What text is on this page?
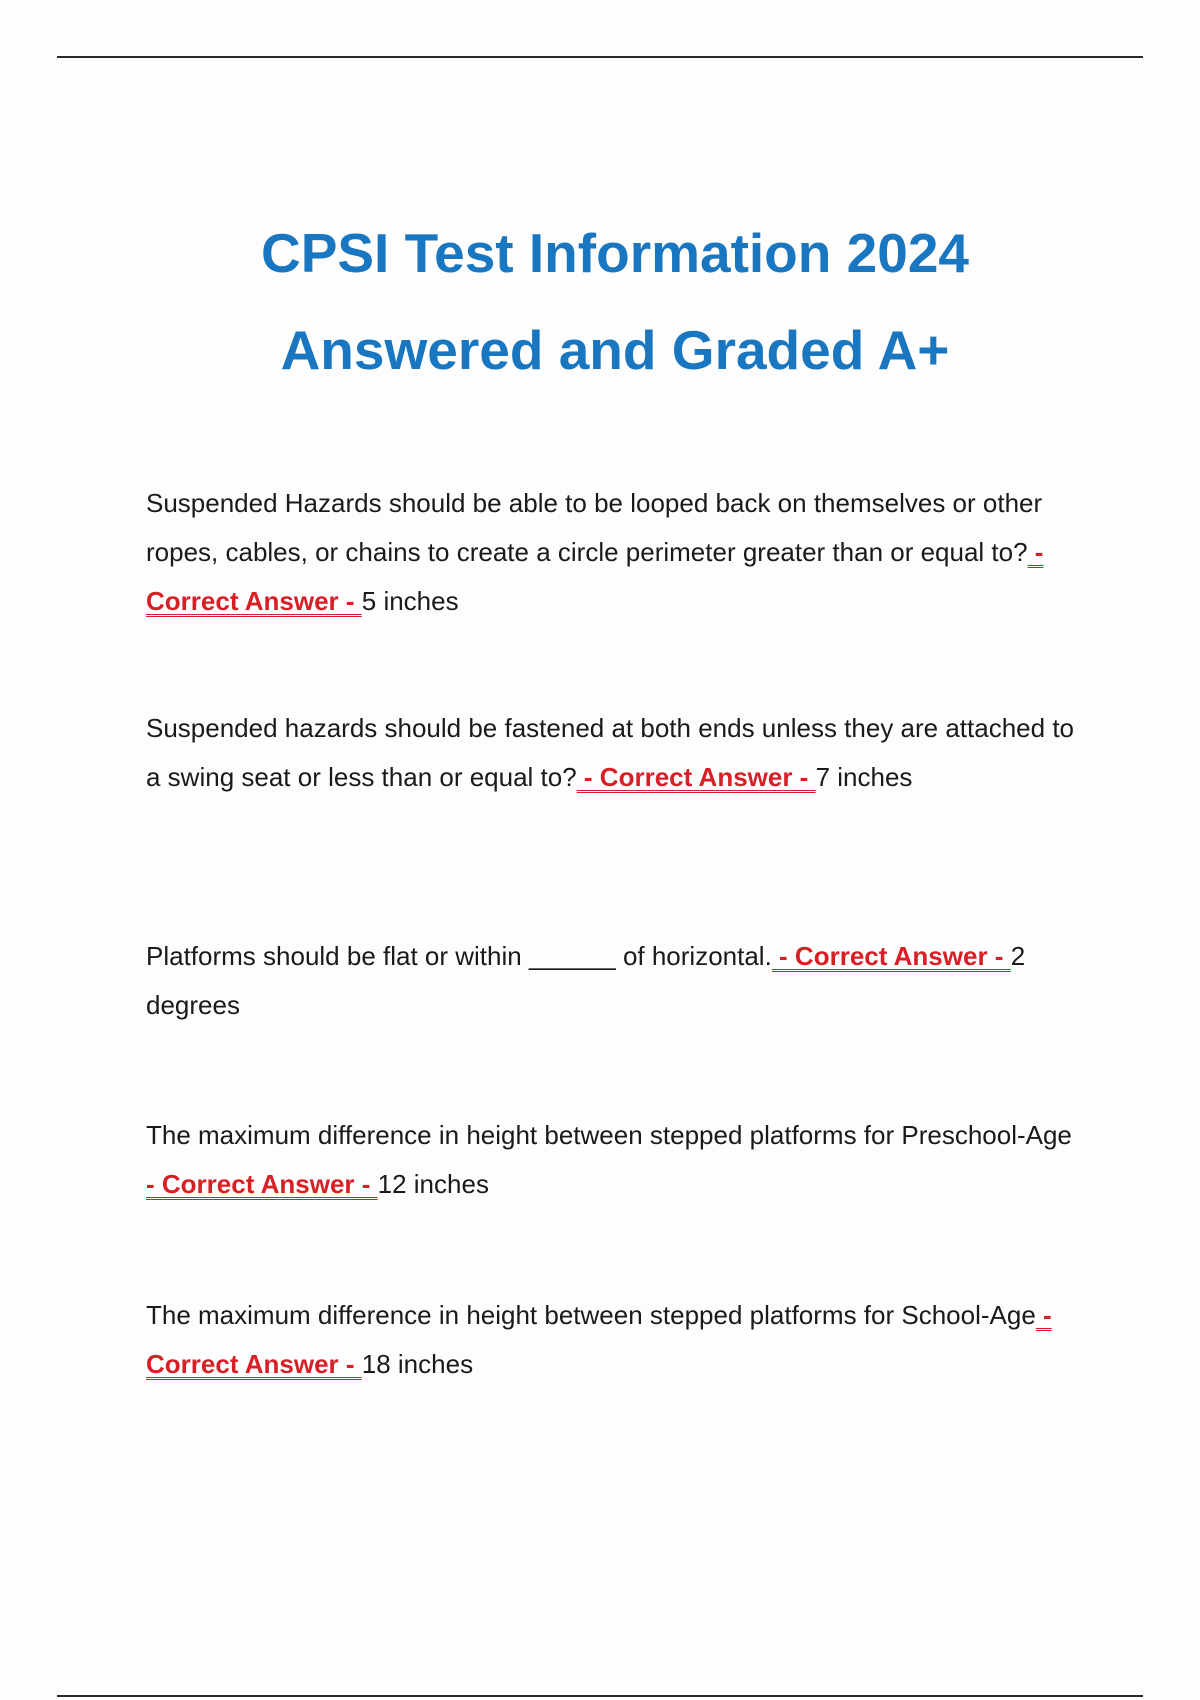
CPSI Test Information 2024
Answered and Graded A+
Suspended Hazards should be able to be looped back on themselves or other ropes, cables, or chains to create a circle perimeter greater than or equal to? - Correct Answer - 5 inches
Suspended hazards should be fastened at both ends unless they are attached to a swing seat or less than or equal to? - Correct Answer - 7 inches
Platforms should be flat or within ______ of horizontal. - Correct Answer - 2 degrees
The maximum difference in height between stepped platforms for Preschool-Age - Correct Answer - 12 inches
The maximum difference in height between stepped platforms for School-Age - Correct Answer - 18 inches
